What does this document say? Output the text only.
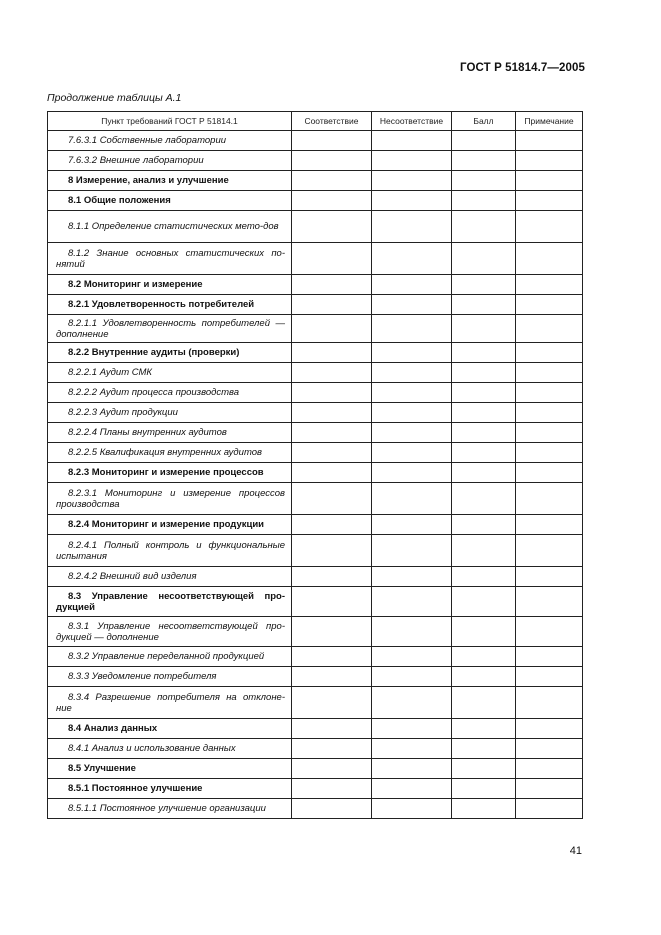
ГОСТ Р 51814.7—2005
Продолжение таблицы А.1
Пункт требований ГОСТ Р 51814.1	Соответствие	Несоответствие	Балл	Примечание

7.6.3.1 Собственные лаборатории				

7.6.3.2 Внешние лаборатории				

8 Измерение, анализ и улучшение				

8.1 Общие положения				

8.1.1 Определение статистических мето-дов				

8.1.2 Знание основных статистических по-нятий				

8.2 Мониторинг и измерение				

8.2.1 Удовлетворенность потребителей				

8.2.1.1 Удовлетворенность потребителей — дополнение				

8.2.2 Внутренние аудиты (проверки)				

8.2.2.1 Аудит СМК				

8.2.2.2 Аудит процесса производства				

8.2.2.3 Аудит продукции				

8.2.2.4 Планы внутренних аудитов				

8.2.2.5 Квалификация внутренних аудитов				

8.2.3 Мониторинг и измерение процессов				

8.2.3.1 Мониторинг и измерение процессов производства				

8.2.4 Мониторинг и измерение продукции				

8.2.4.1 Полный контроль и функциональные испытания				

8.2.4.2 Внешний вид изделия				

8.3 Управление несоответствующей про-дукцией				

8.3.1 Управление несоответствующей про-дукцией — дополнение				

8.3.2 Управление переделанной продукцией				

8.3.3 Уведомление потребителя				

8.3.4 Разрешение потребителя на отклоне-ние				

8.4 Анализ данных				

8.4.1 Анализ и использование данных				

8.5 Улучшение				

8.5.1 Постоянное улучшение				

8.5.1.1 Постоянное улучшение организации				

41
